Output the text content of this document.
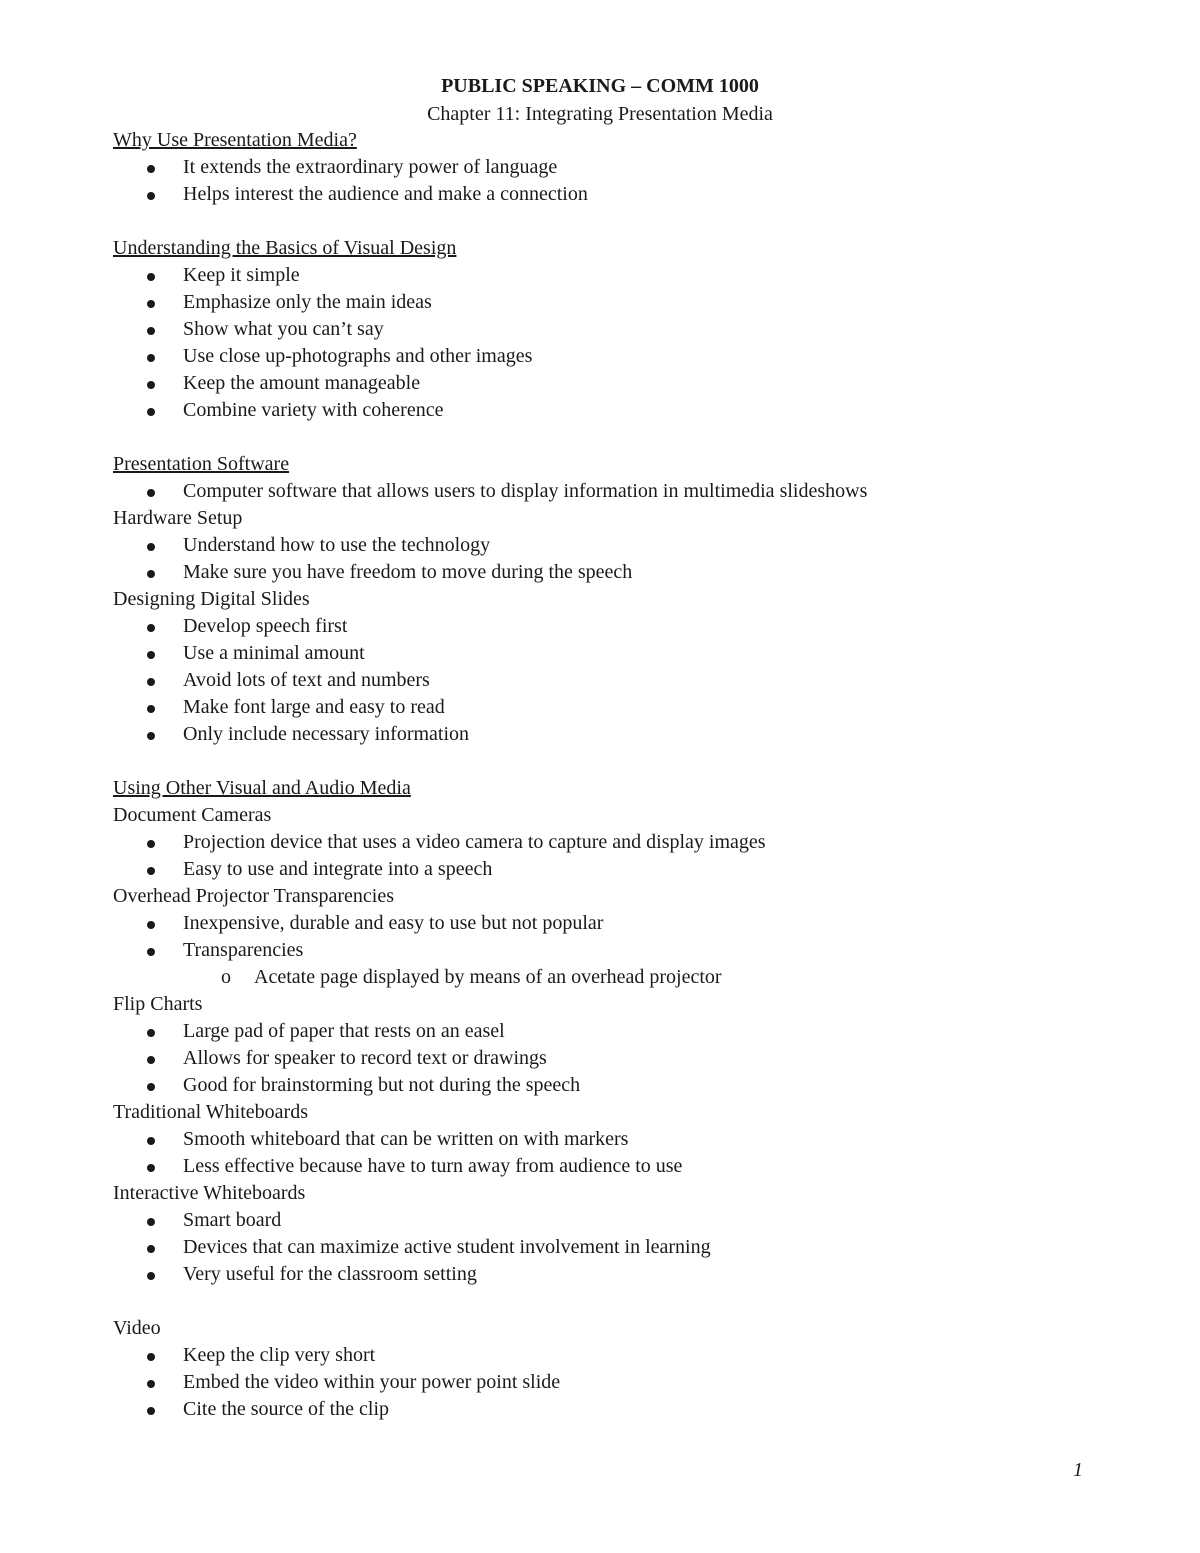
PUBLIC SPEAKING – COMM 1000
Chapter 11: Integrating Presentation Media
Why Use Presentation Media?
It extends the extraordinary power of language
Helps interest the audience and make a connection
Understanding the Basics of Visual Design
Keep it simple
Emphasize only the main ideas
Show what you can’t say
Use close up-photographs and other images
Keep the amount manageable
Combine variety with coherence
Presentation Software
Computer software that allows users to display information in multimedia slideshows
Hardware Setup
Understand how to use the technology
Make sure you have freedom to move during the speech
Designing Digital Slides
Develop speech first
Use a minimal amount
Avoid lots of text and numbers
Make font large and easy to read
Only include necessary information
Using Other Visual and Audio Media
Document Cameras
Projection device that uses a video camera to capture and display images
Easy to use and integrate into a speech
Overhead Projector Transparencies
Inexpensive, durable and easy to use but not popular
Transparencies
o Acetate page displayed by means of an overhead projector
Flip Charts
Large pad of paper that rests on an easel
Allows for speaker to record text or drawings
Good for brainstorming but not during the speech
Traditional Whiteboards
Smooth whiteboard that can be written on with markers
Less effective because have to turn away from audience to use
Interactive Whiteboards
Smart board
Devices that can maximize active student involvement in learning
Very useful for the classroom setting
Video
Keep the clip very short
Embed the video within your power point slide
Cite the source of the clip
1
